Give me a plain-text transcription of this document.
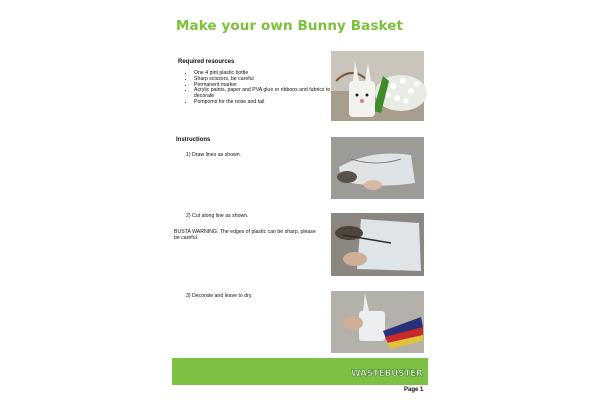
Make your own Bunny Basket
Required resources
• One 4 pint plastic bottle
• Sharp scissors, be careful
• Permanent marker
• Acrylic paints, paper and PVA glue or ribbons and fabrics to decorate
• Pompoms for the nose and tail
Instructions
1) Draw lines as shown.
2) Cut along line as shown.
BUSTA WARNING: The edges of plastic can be sharp, please be careful.
3) Decorate and leave to dry.
WASTEBUSTER
Page 1
